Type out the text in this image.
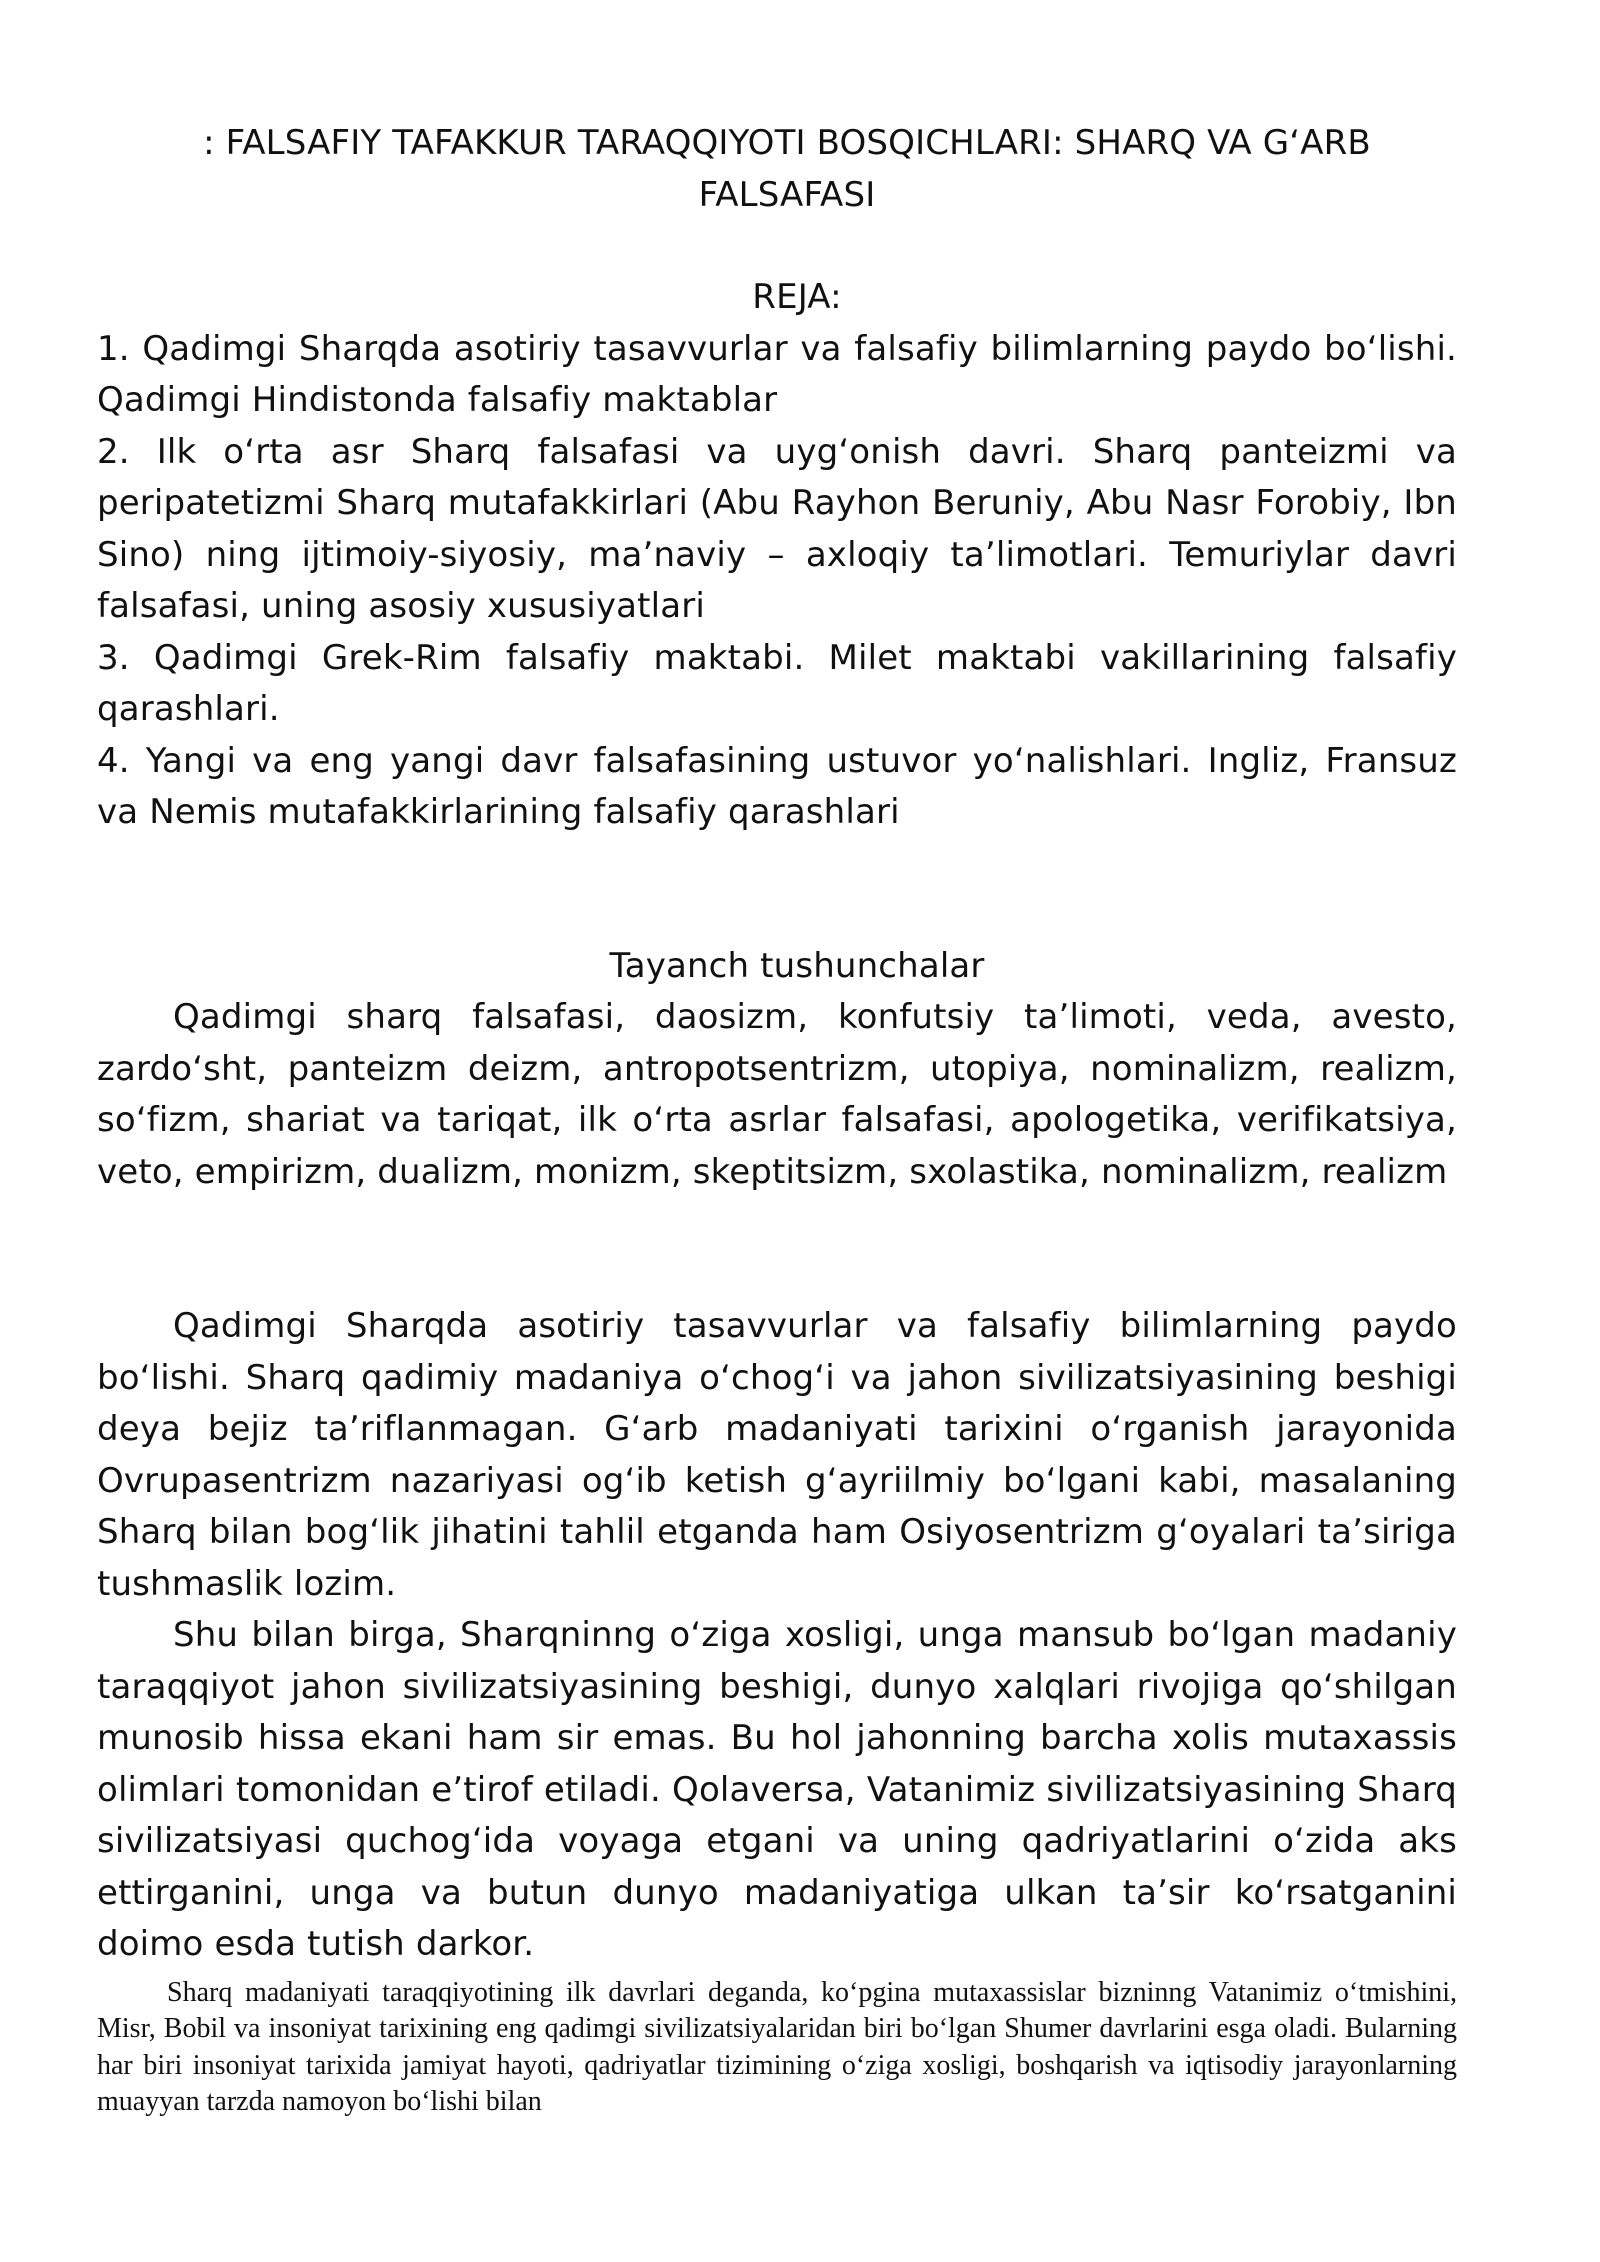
: FALSAFIY TAFAKKUR TARAQQIYOTI BOSQICHLARI: SHARQ VA G‘ARB FALSAFASI

REJA:

1. Qadimgi Sharqda asotiriy tasavvurlar va falsafiy bilimlarning paydo bo‘lishi. Qadimgi Hindistonda falsafiy maktablar

2. Ilk o‘rta asr Sharq falsafasi va uyg‘onish davri. Sharq panteizmi va peripatetizmi Sharq mutafakkirlari (Abu Rayhon Beruniy, Abu Nasr Forobiy, Ibn Sino) ning ijtimoiy-siyosiy, ma’naviy – axloqiy ta’limotlari. Temuriylar davri falsafasi, uning asosiy xususiyatlari

3. Qadimgi Grek-Rim falsafiy maktabi. Milet maktabi vakillarining falsafiy qarashlari.

4. Yangi va eng yangi davr falsafasining ustuvor yo‘nalishlari. Ingliz, Fransuz va Nemis mutafakkirlarining falsafiy qarashlari

Tayanch tushunchalar

Qadimgi sharq falsafasi, daosizm, konfutsiy ta’limoti, veda, avesto, zardo‘sht, panteizm deizm, antropotsentrizm, utopiya, nominalizm, realizm, so‘fizm, shariat va tariqat, ilk o‘rta asrlar falsafasi, apologetika, verifikatsiya, veto, empirizm, dualizm, monizm, skeptitsizm, sxolastika, nominalizm, realizm

Qadimgi Sharqda asotiriy tasavvurlar va falsafiy bilimlarning paydo bo‘lishi. Sharq qadimiy madaniya o‘chog‘i va jahon sivilizatsiyasining beshigi deya bejiz ta’riflanmagan. G‘arb madaniyati tarixini o‘rganish jarayonida Ovrupasentrizm nazariyasi og‘ib ketish g‘ayriilmiy bo‘lgani kabi, masalaning Sharq bilan bog‘lik jihatini tahlil etganda ham Osiyosentrizm g‘oyalari ta’siriga tushmaslik lozim.

Shu bilan birga, Sharqninng o‘ziga xosligi, unga mansub bo‘lgan madaniy taraqqiyot jahon sivilizatsiyasining beshigi, dunyo xalqlari rivojiga qo‘shilgan munosib hissa ekani ham sir emas. Bu hol jahonning barcha xolis mutaxassis olimlari tomonidan e’tirof etiladi. Qolaversa, Vatanimiz sivilizatsiyasining Sharq sivilizatsiyasi quchog‘ida voyaga etgani va uning qadriyatlarini o‘zida aks ettirganini, unga va butun dunyo madaniyatiga ulkan ta’sir ko‘rsatganini doimo esda tutish darkor.

Sharq madaniyati taraqqiyotining ilk davrlari deganda, ko‘pgina mutaxassislar bizninng Vatanimiz o‘tmishini, Misr, Bobil va insoniyat tarixining eng qadimgi sivilizatsiyalaridan biri bo‘lgan Shumer davrlarini esga oladi. Bularning har biri insoniyat tarixida jamiyat hayoti, qadriyatlar tizimining o‘ziga xosligi, boshqarish va iqtisodiy jarayonlarning muayyan tarzda namoyon bo‘lishi bilan
